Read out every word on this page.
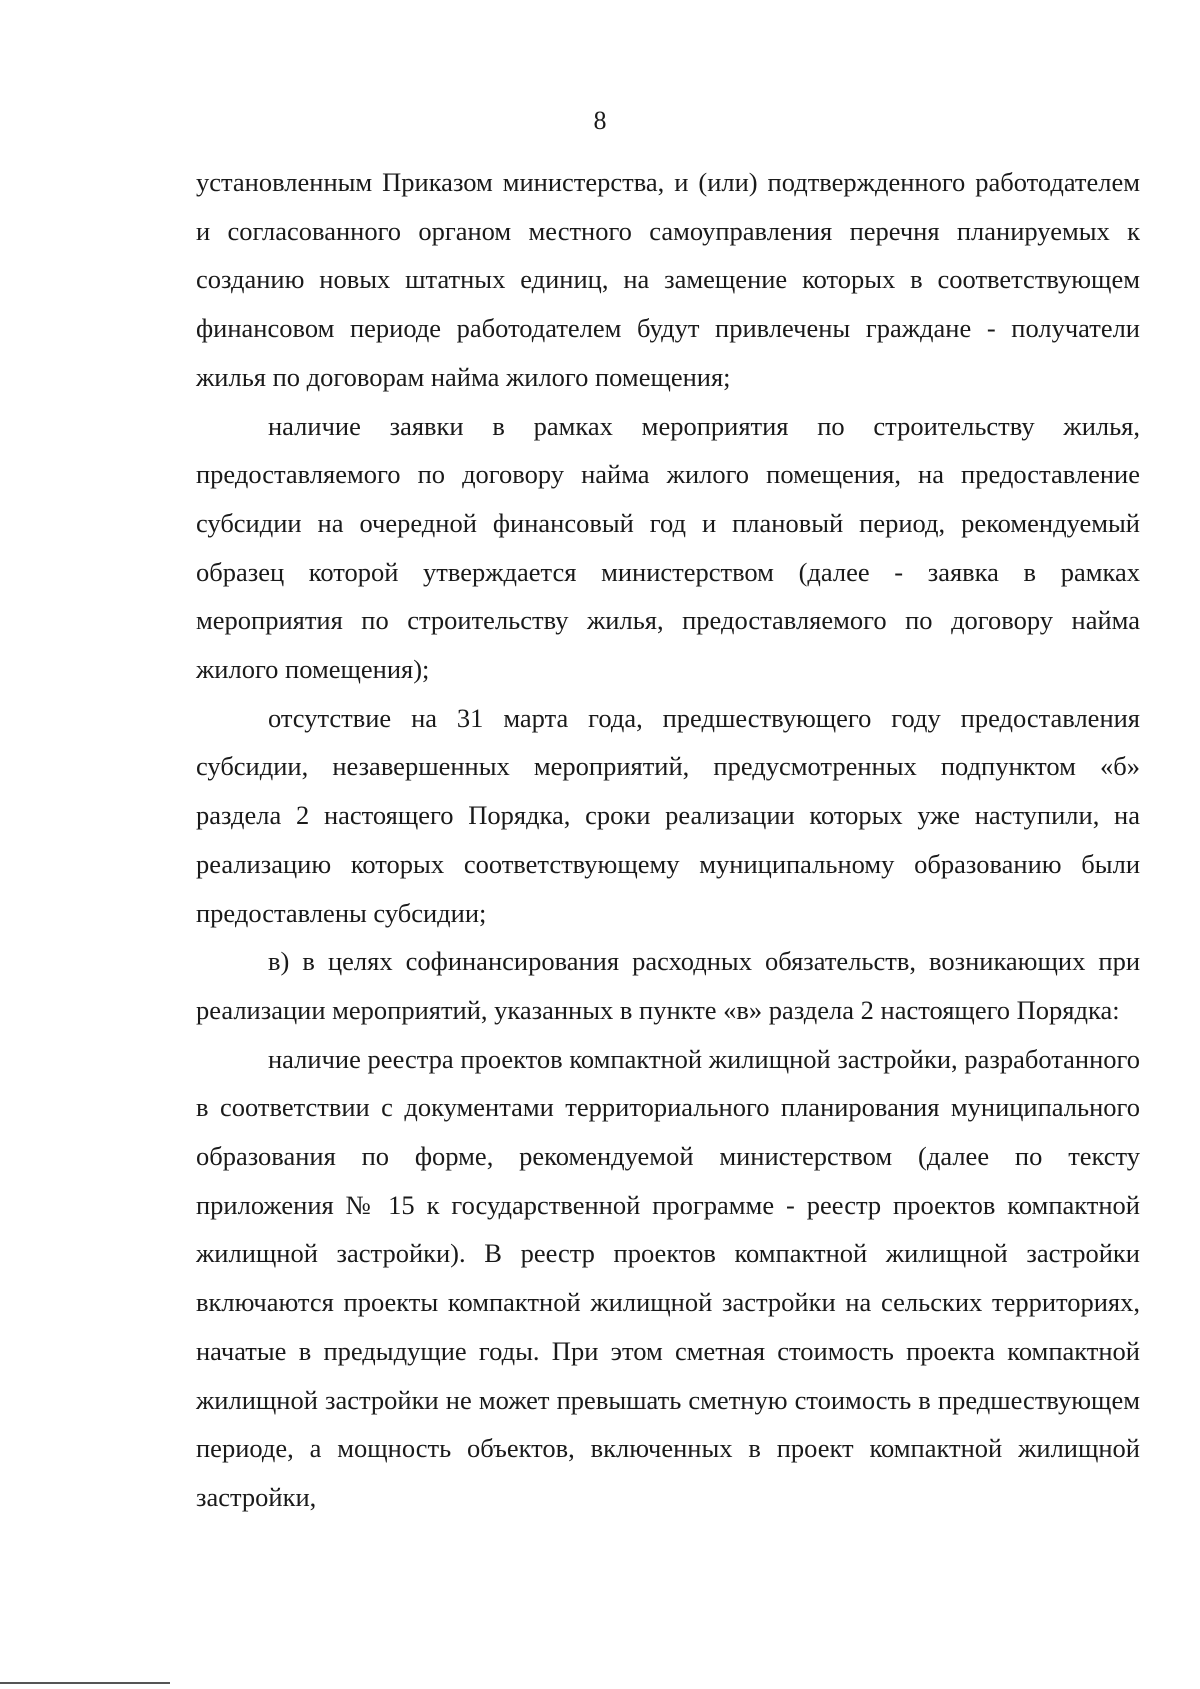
8

установленным Приказом министерства, и (или) подтвержденного работодателем и согласованного органом местного самоуправления перечня планируемых к созданию новых штатных единиц, на замещение которых в соответствующем финансовом периоде работодателем будут привлечены граждане - получатели жилья по договорам найма жилого помещения;

наличие заявки в рамках мероприятия по строительству жилья, предоставляемого по договору найма жилого помещения, на предоставление субсидии на очередной финансовый год и плановый период, рекомендуемый образец которой утверждается министерством (далее - заявка в рамках мероприятия по строительству жилья, предоставляемого по договору найма жилого помещения);

отсутствие на 31 марта года, предшествующего году предоставления субсидии, незавершенных мероприятий, предусмотренных подпунктом «б» раздела 2 настоящего Порядка, сроки реализации которых уже наступили, на реализацию которых соответствующему муниципальному образованию были предоставлены субсидии;

в) в целях софинансирования расходных обязательств, возникающих при реализации мероприятий, указанных в пункте «в» раздела 2 настоящего Порядка:

наличие реестра проектов компактной жилищной застройки, разработанного в соответствии с документами территориального планирования муниципального образования по форме, рекомендуемой министерством (далее по тексту приложения № 15 к государственной программе - реестр проектов компактной жилищной застройки). В реестр проектов компактной жилищной застройки включаются проекты компактной жилищной застройки на сельских территориях, начатые в предыдущие годы. При этом сметная стоимость проекта компактной жилищной застройки не может превышать сметную стоимость в предшествующем периоде, а мощность объектов, включенных в проект компактной жилищной застройки,
